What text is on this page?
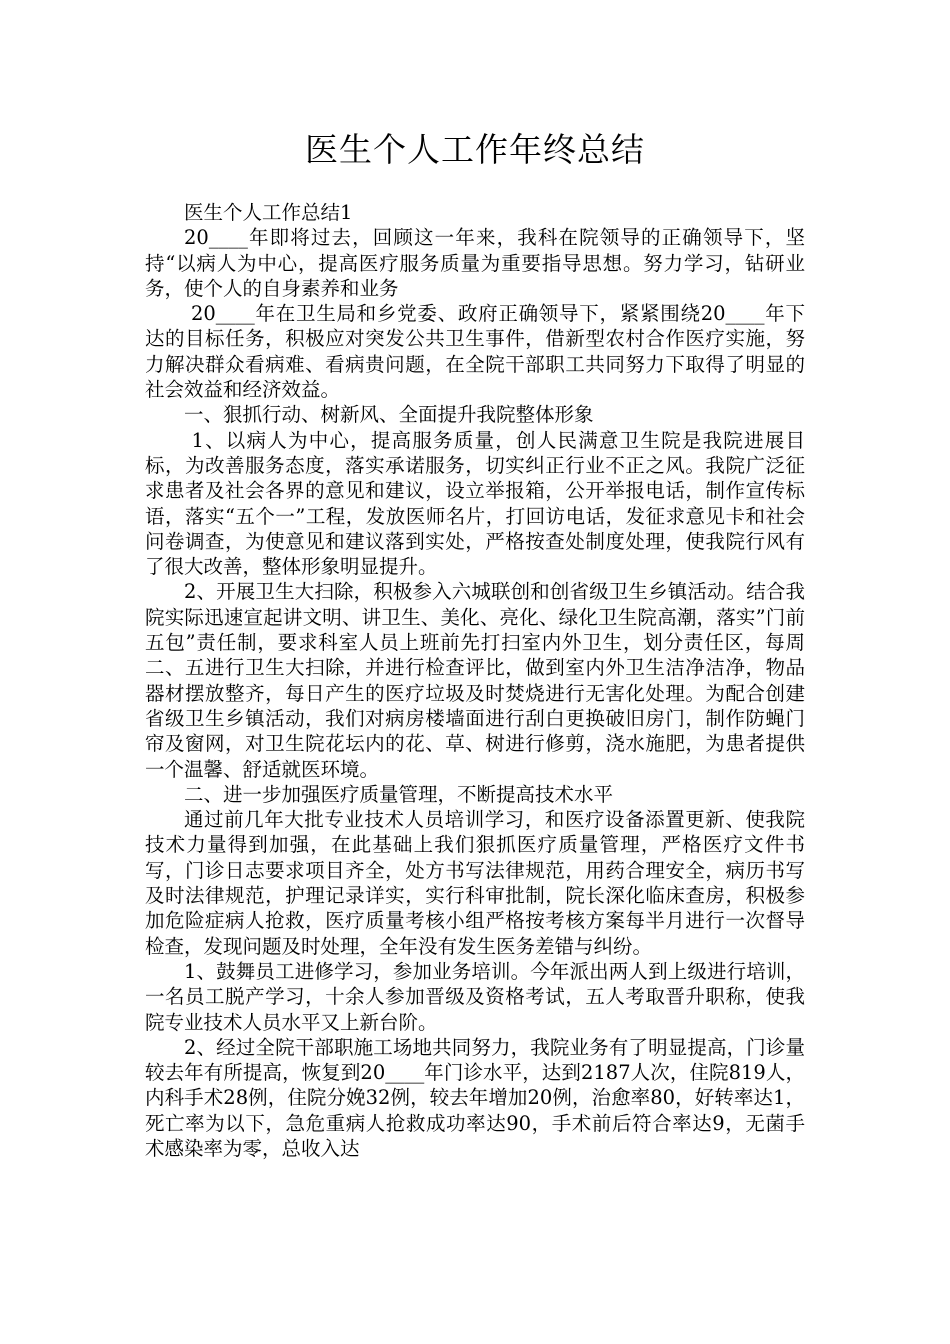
医生个人工作年终总结

医生个人工作总结1

20____年即将过去，回顾这一年来，我科在院领导的正确领导下，坚持“以病人为中心，提高医疗服务质量为重要指导思想。努力学习，钻研业务，使个人的自身素养和业务

20____年在卫生局和乡党委、政府正确领导下，紧紧围绕20____年下达的目标任务，积极应对突发公共卫生事件，借新型农村合作医疗实施，努力解决群众看病难、看病贵问题，在全院干部职工共同努力下取得了明显的社会效益和经济效益。

一、狠抓行动、树新风、全面提升我院整体形象

1、以病人为中心，提高服务质量，创人民满意卫生院是我院进展目标，为改善服务态度，落实承诺服务，切实纠正行业不正之风。我院广泛征求患者及社会各界的意见和建议，设立举报箱，公开举报电话，制作宣传标语，落实“五个一”工程，发放医师名片，打回访电话，发征求意见卡和社会问卷调查，为使意见和建议落到实处，严格按查处制度处理，使我院行风有了很大改善，整体形象明显提升。

2、开展卫生大扫除，积极参入六城联创和创省级卫生乡镇活动。结合我院实际迅速宣起讲文明、讲卫生、美化、亮化、绿化卫生院高潮，落实”门前五包”责任制，要求科室人员上班前先打扫室内外卫生，划分责任区，每周二、五进行卫生大扫除，并进行检查评比，做到室内外卫生洁净洁净，物品器材摆放整齐，每日产生的医疗垃圾及时焚烧进行无害化处理。为配合创建省级卫生乡镇活动，我们对病房楼墙面进行刮白更换破旧房门，制作防蝇门帘及窗网，对卫生院花坛内的花、草、树进行修剪，浇水施肥，为患者提供一个温馨、舒适就医环境。

二、进一步加强医疗质量管理，不断提高技术水平

通过前几年大批专业技术人员培训学习，和医疗设备添置更新、使我院技术力量得到加强，在此基础上我们狠抓医疗质量管理，严格医疗文件书写，门诊日志要求项目齐全，处方书写法律规范，用药合理安全，病历书写及时法律规范，护理记录详实，实行科审批制，院长深化临床查房，积极参加危险症病人抢救，医疗质量考核小组严格按考核方案每半月进行一次督导检查，发现问题及时处理，全年没有发生医务差错与纠纷。

1、鼓舞员工进修学习，参加业务培训。今年派出两人到上级进行培训，一名员工脱产学习，十余人参加晋级及资格考试，五人考取晋升职称，使我院专业技术人员水平又上新台阶。

2、经过全院干部职施工场地共同努力，我院业务有了明显提高，门诊量较去年有所提高，恢复到20____年门诊水平，达到2187人次，住院819人，内科手术28例，住院分娩32例，较去年增加20例，治愈率80，好转率达1，死亡率为以下，急危重病人抢救成功率达90，手术前后符合率达9，无菌手术感染率为零，总收入达
